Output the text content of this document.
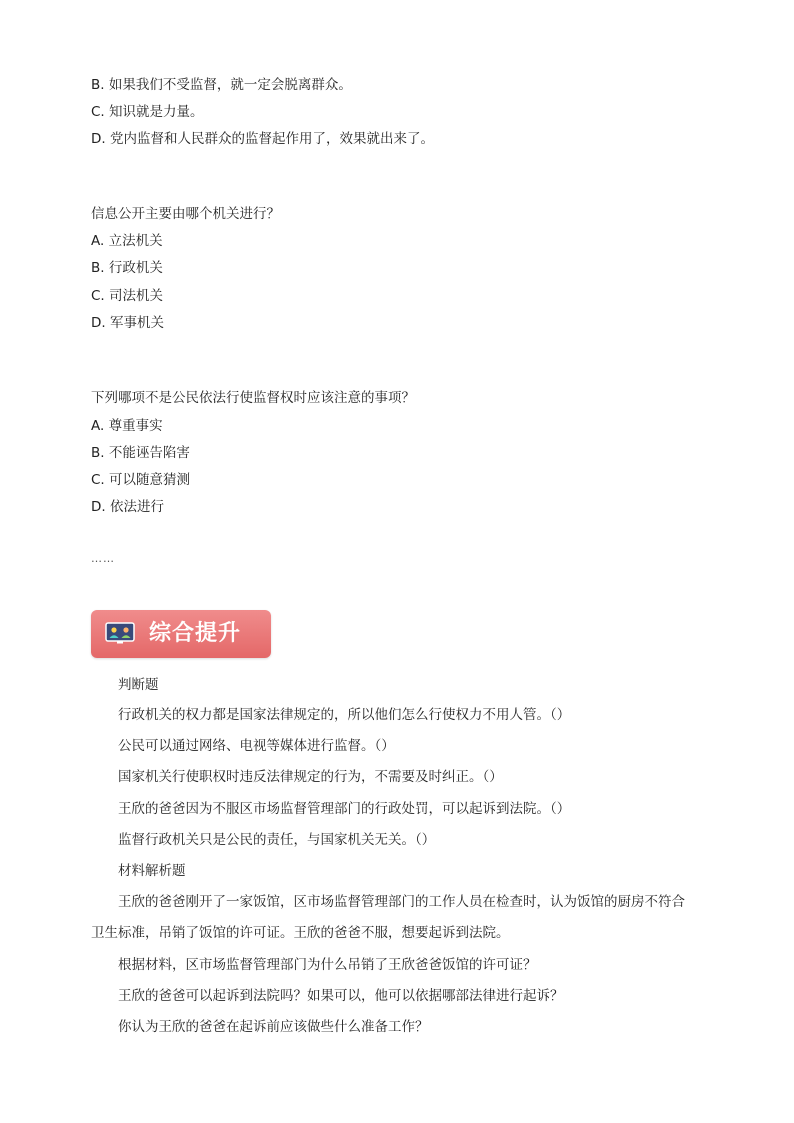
B. 如果我们不受监督，就一定会脱离群众。
C. 知识就是力量。
D. 党内监督和人民群众的监督起作用了，效果就出来了。
信息公开主要由哪个机关进行？
A. 立法机关
B. 行政机关
C. 司法机关
D. 军事机关
下列哪项不是公民依法行使监督权时应该注意的事项？
A. 尊重事实
B. 不能诬告陷害
C. 可以随意猜测
D. 依法进行
……
综合提升
判断题
行政机关的权力都是国家法律规定的，所以他们怎么行使权力不用人管。（）
公民可以通过网络、电视等媒体进行监督。（）
国家机关行使职权时违反法律规定的行为，不需要及时纠正。（）
王欣的爸爸因为不服区市场监督管理部门的行政处罚，可以起诉到法院。（）
监督行政机关只是公民的责任，与国家机关无关。（）
材料解析题
王欣的爸爸刚开了一家饭馆，区市场监督管理部门的工作人员在检查时，认为饭馆的厨房不符合
卫生标准，吊销了饭馆的许可证。王欣的爸爸不服，想要起诉到法院。
根据材料，区市场监督管理部门为什么吊销了王欣爸爸饭馆的许可证？
王欣的爸爸可以起诉到法院吗？如果可以，他可以依据哪部法律进行起诉？
你认为王欣的爸爸在起诉前应该做些什么准备工作？
